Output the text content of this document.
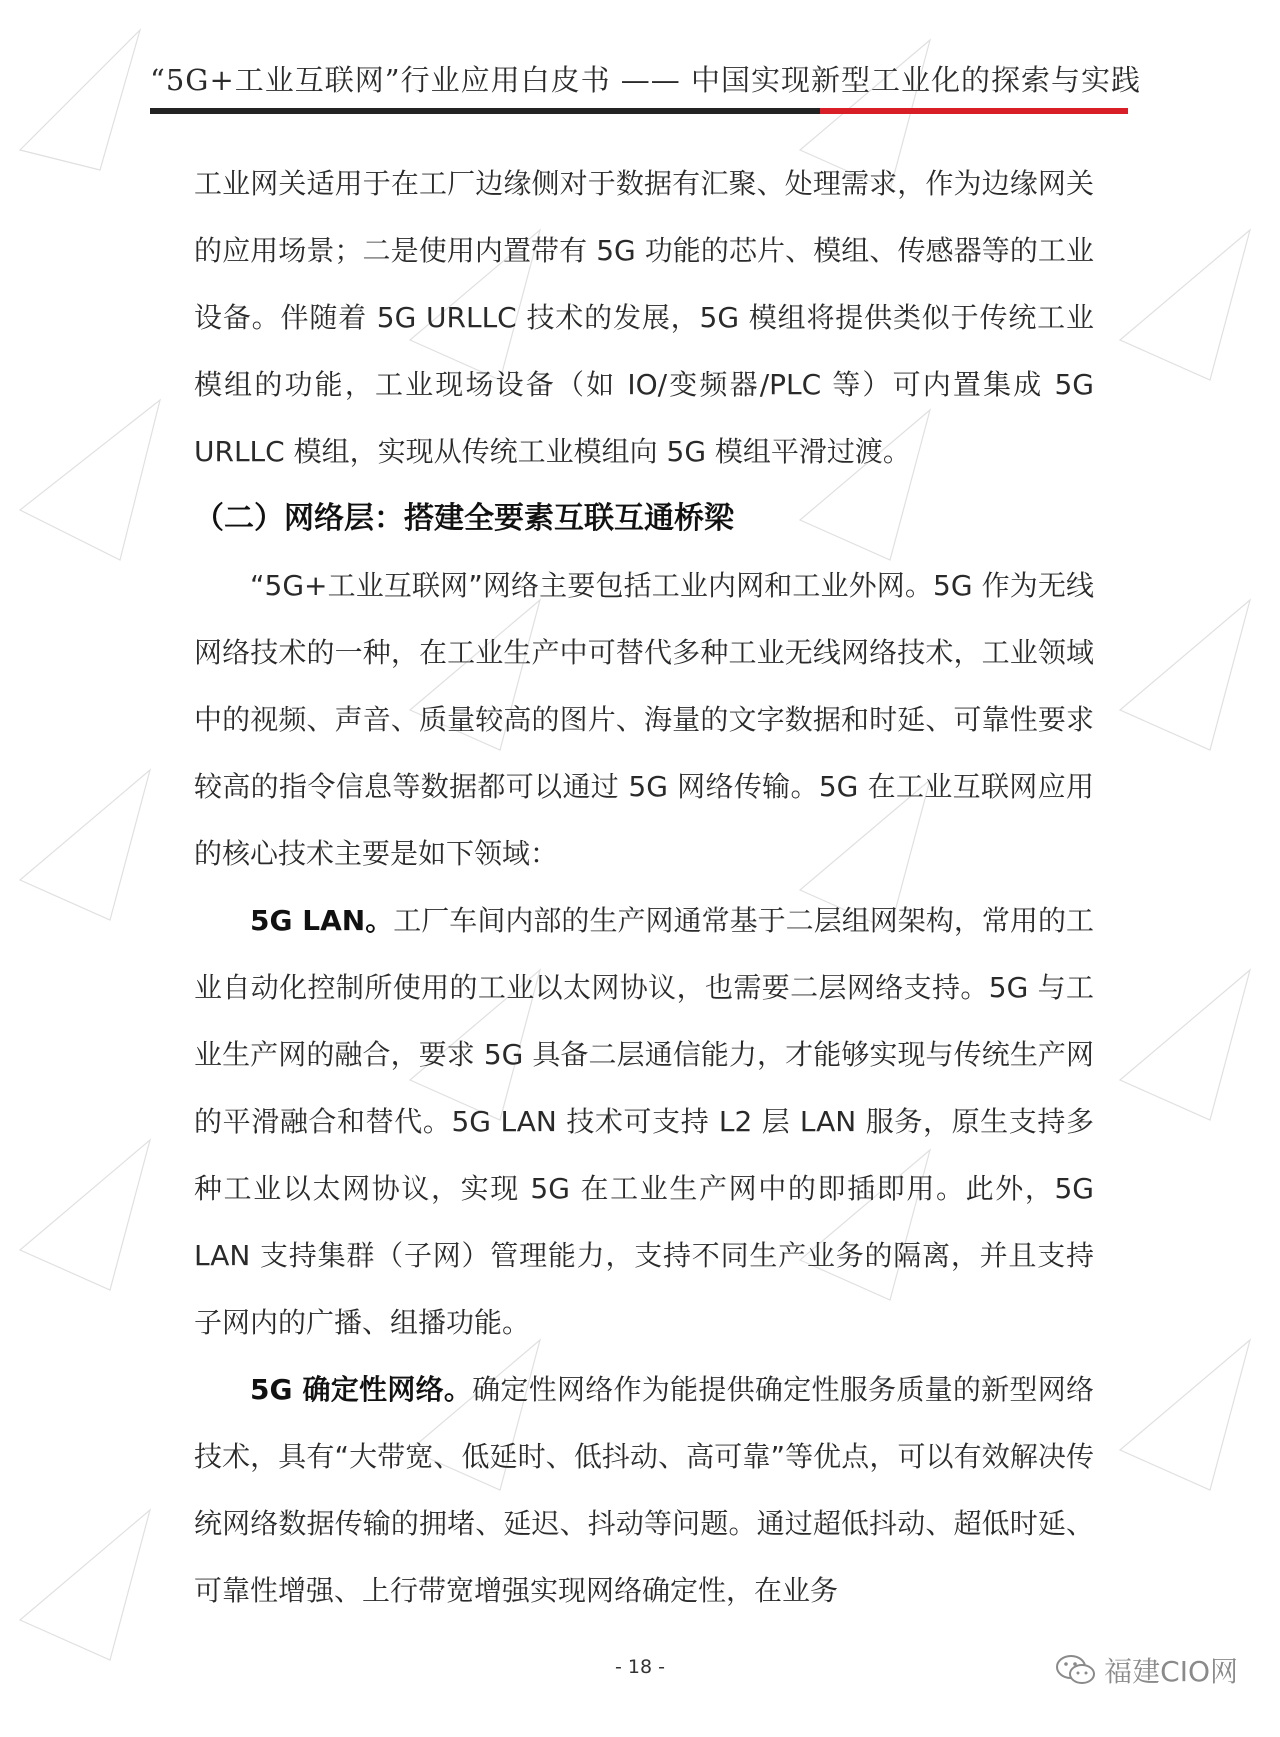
“5G+工业互联网”行业应用白皮书 —— 中国实现新型工业化的探索与实践

工业网关适用于在工厂边缘侧对于数据有汇聚、处理需求，作为边缘网关的应用场景；二是使用内置带有 5G 功能的芯片、模组、传感器等的工业设备。伴随着 5G URLLC 技术的发展，5G 模组将提供类似于传统工业模组的功能，工业现场设备（如 IO/变频器/PLC 等）可内置集成 5G URLLC 模组，实现从传统工业模组向 5G 模组平滑过渡。

（二）网络层：搭建全要素互联互通桥梁

“5G+工业互联网”网络主要包括工业内网和工业外网。5G 作为无线网络技术的一种，在工业生产中可替代多种工业无线网络技术，工业领域中的视频、声音、质量较高的图片、海量的文字数据和时延、可靠性要求较高的指令信息等数据都可以通过 5G 网络传输。5G 在工业互联网应用的核心技术主要是如下领域：

5G LAN。工厂车间内部的生产网通常基于二层组网架构，常用的工业自动化控制所使用的工业以太网协议，也需要二层网络支持。5G 与工业生产网的融合，要求 5G 具备二层通信能力，才能够实现与传统生产网的平滑融合和替代。5G LAN 技术可支持 L2 层 LAN 服务，原生支持多种工业以太网协议，实现 5G 在工业生产网中的即插即用。此外，5G LAN 支持集群（子网）管理能力，支持不同生产业务的隔离，并且支持子网内的广播、组播功能。

5G 确定性网络。确定性网络作为能提供确定性服务质量的新型网络技术，具有“大带宽、低延时、低抖动、高可靠”等优点，可以有效解决传统网络数据传输的拥堵、延迟、抖动等问题。通过超低抖动、超低时延、可靠性增强、上行带宽增强实现网络确定性，在业务

- 18 -	福建CIO网
